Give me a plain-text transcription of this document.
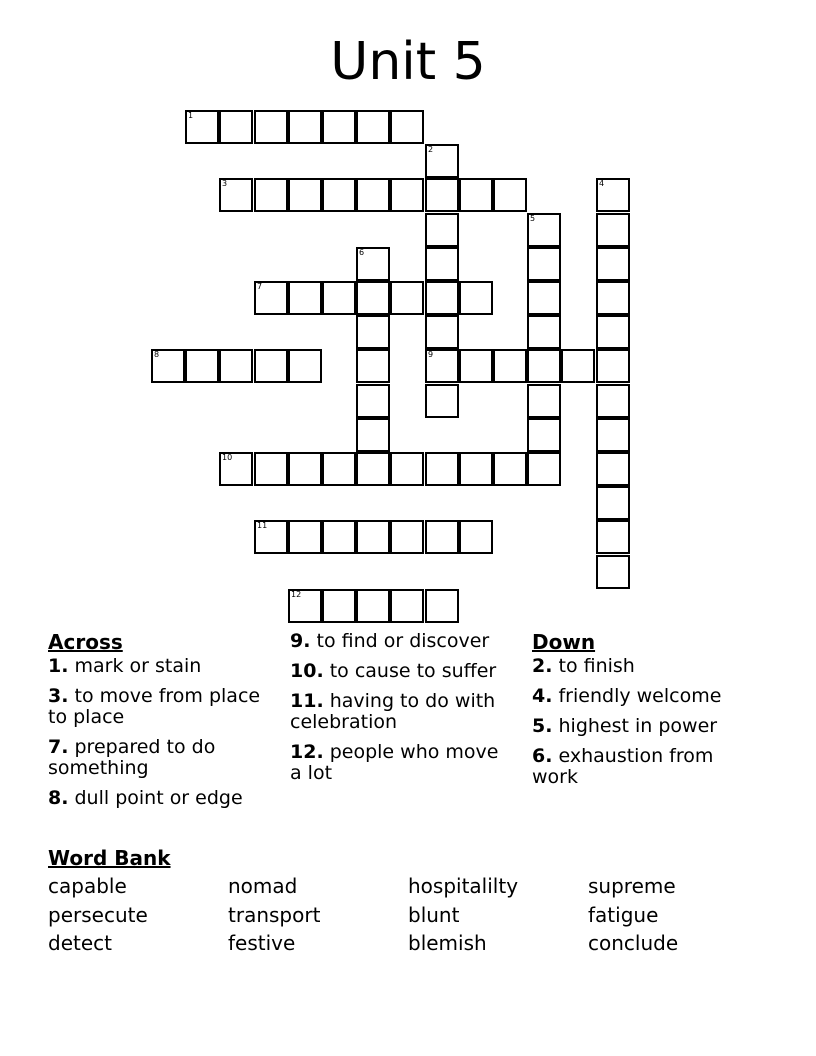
Unit 5
1
2
9
3	4
5
6
7
8
10
11
12
Across
1. mark or stain
3. to move from place to place
7. prepared to do something
8. dull point or edge
9. to find or discover
10. to cause to suffer
11. having to do with celebration
12. people who move a lot
Down
2. to finish
4. friendly welcome
5. highest in power
6. exhaustion from work
Word Bank
capable	nomad	hospitalilty	supreme
persecute	transport	blunt	fatigue
detect	festive	blemish	conclude
